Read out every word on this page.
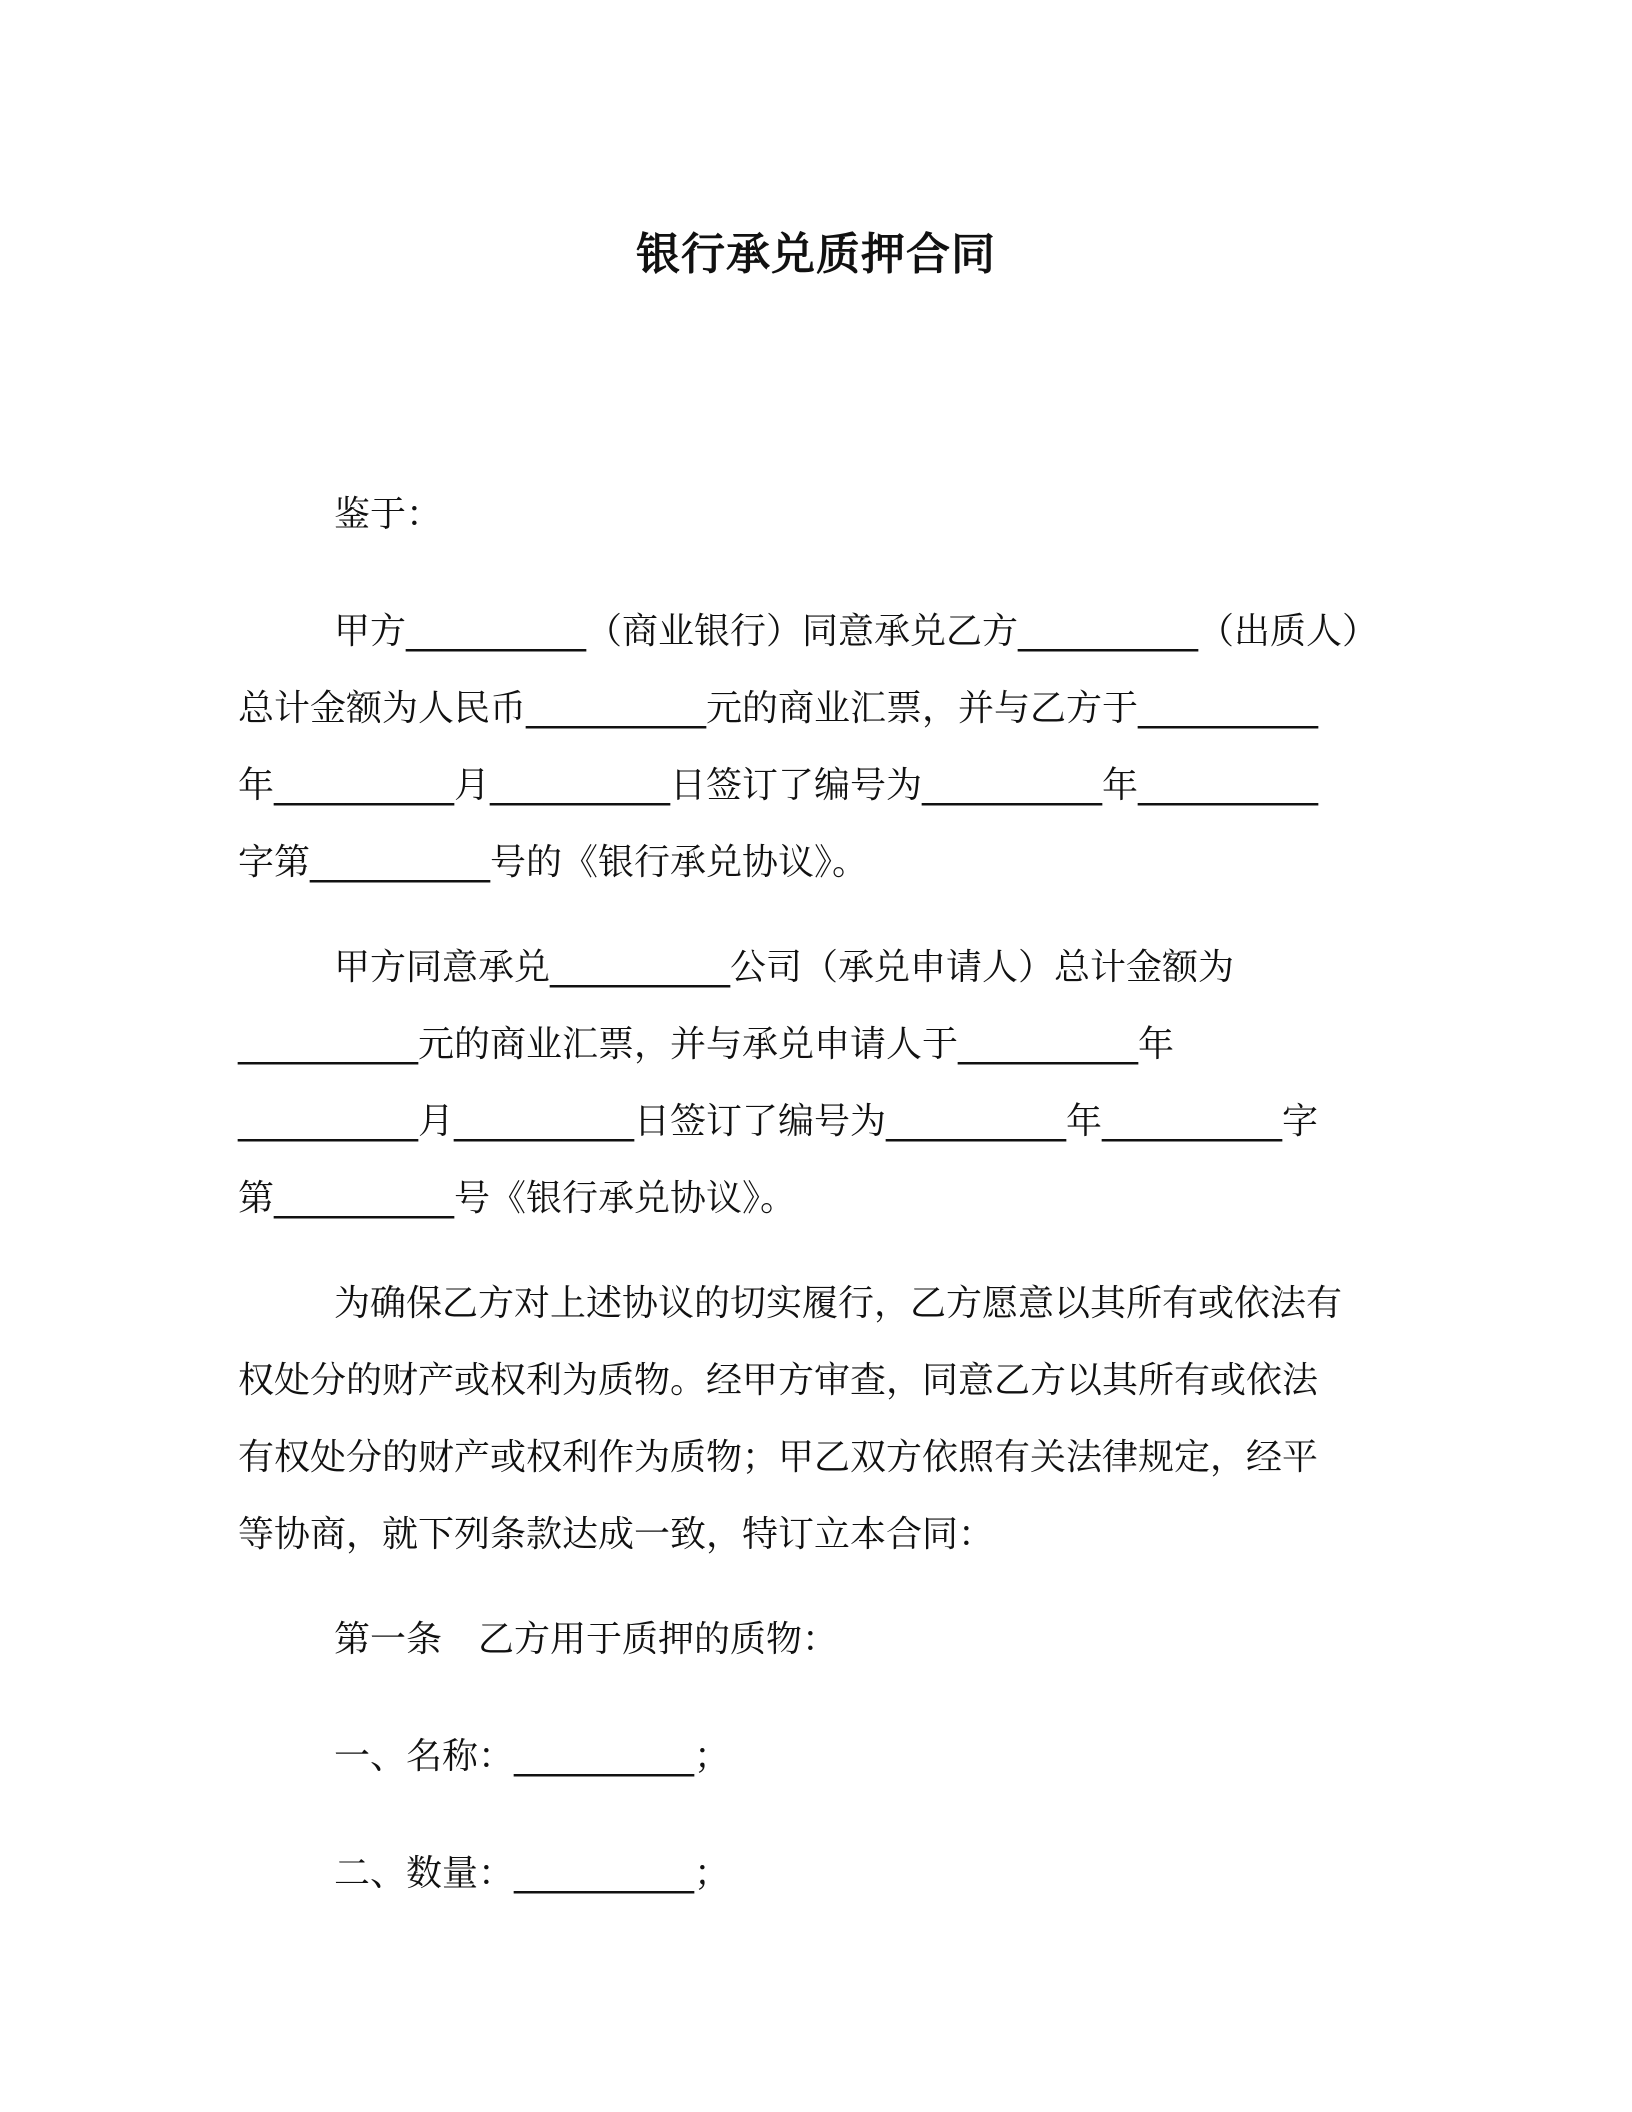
银行承兑质押合同
鉴于：
甲方__________（商业银行）同意承兑乙方__________（出质人）
总计金额为人民币__________元的商业汇票，并与乙方于__________
年__________月__________日签订了编号为__________年__________
字第__________号的《银行承兑协议》。
甲方同意承兑__________公司（承兑申请人）总计金额为
__________元的商业汇票，并与承兑申请人于__________年
__________月__________日签订了编号为__________年__________字
第__________号《银行承兑协议》。
为确保乙方对上述协议的切实履行，乙方愿意以其所有或依法有
权处分的财产或权利为质物。经甲方审查，同意乙方以其所有或依法
有权处分的财产或权利作为质物；甲乙双方依照有关法律规定，经平
等协商，就下列条款达成一致，特订立本合同：
第一条　乙方用于质押的质物：
一、名称：__________；
二、数量：__________；
